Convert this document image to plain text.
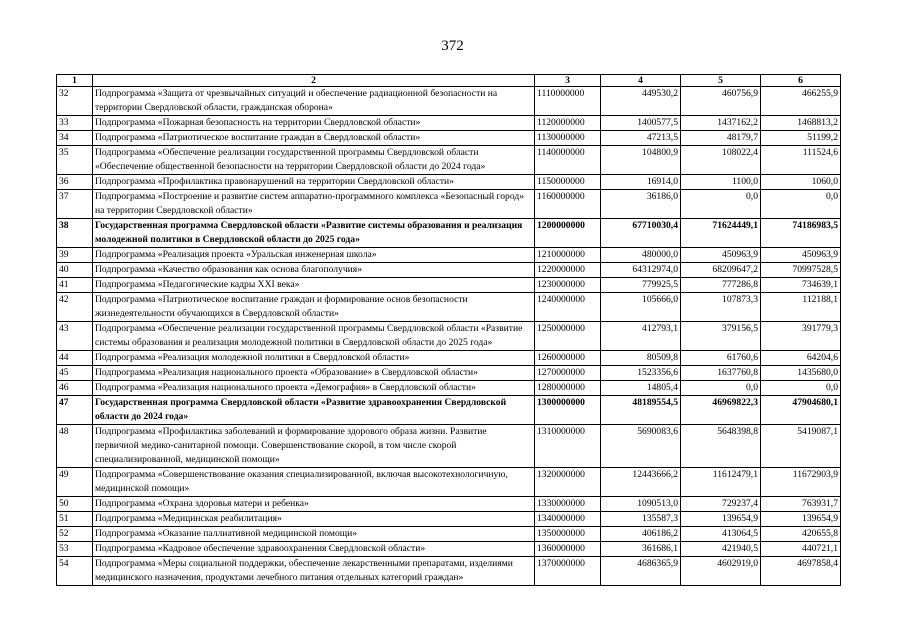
372
1	2	3	4	5	6
32	Подпрограмма «Защита от чрезвычайных ситуаций и обеспечение радиационной безопасности на территории Свердловской области, гражданская оборона»	1110000000	449530,2	460756,9	466255,9
33	Подпрограмма «Пожарная безопасность на территории Свердловской области»	1120000000	1400577,5	1437162,2	1468813,2
34	Подпрограмма «Патриотическое воспитание граждан в Свердловской области»	1130000000	47213,5	48179,7	51199,2
35	Подпрограмма «Обеспечение реализации государственной программы Свердловской области «Обеспечение общественной безопасности на территории Свердловской области до 2024 года»	1140000000	104800,9	108022,4	111524,6
36	Подпрограмма «Профилактика правонарушений на территории Свердловской области»	1150000000	16914,0	1100,0	1060,0
37	Подпрограмма «Построение и развитие систем аппаратно-программного комплекса «Безопасный город» на территории Свердловской области»	1160000000	36186,0	0,0	0,0
38	Государственная программа Свердловской области «Развитие системы образования и реализация молодежной политики в Свердловской области до 2025 года»	1200000000	67710030,4	71624449,1	74186983,5
39	Подпрограмма «Реализация проекта «Уральская инженерная школа»	1210000000	480000,0	450963,9	450963,9
40	Подпрограмма «Качество образования как основа благополучия»	1220000000	64312974,0	68209647,2	70997528,5
41	Подпрограмма «Педагогические кадры XXI века»	1230000000	779925,5	777286,8	734639,1
42	Подпрограмма «Патриотическое воспитание граждан и формирование основ безопасности жизнедеятельности обучающихся в Свердловской области»	1240000000	105666,0	107873,3	112188,1
43	Подпрограмма «Обеспечение реализации государственной программы Свердловской области «Развитие системы образования и реализация молодежной политики в Свердловской области до 2025 года»	1250000000	412793,1	379156,5	391779,3
44	Подпрограмма «Реализация молодежной политики в Свердловской области»	1260000000	80509,8	61760,6	64204,6
45	Подпрограмма «Реализация национального проекта «Образование» в Свердловской области»	1270000000	1523356,6	1637760,8	1435680,0
46	Подпрограмма «Реализация национального проекта «Демография» в Свердловской области»	1280000000	14805,4	0,0	0,0
47	Государственная программа Свердловской области «Развитие здравоохранения Свердловской области до 2024 года»	1300000000	48189554,5	46969822,3	47904680,1
48	Подпрограмма «Профилактика заболеваний и формирование здорового образа жизни. Развитие первичной медико-санитарной помощи. Совершенствование скорой, в том числе скорой специализированной, медицинской помощи»	1310000000	5690083,6	5648398,8	5419087,1
49	Подпрограмма «Совершенствование оказания специализированной, включая высокотехнологичную, медицинской помощи»	1320000000	12443666,2	11612479,1	11672903,9
50	Подпрограмма «Охрана здоровья матери и ребенка»	1330000000	1090513,0	729237,4	763931,7
51	Подпрограмма «Медицинская реабилитация»	1340000000	135587,3	139654,9	139654,9
52	Подпрограмма «Оказание паллиативной медицинской помощи»	1350000000	406186,2	413064,5	420655,8
53	Подпрограмма «Кадровое обеспечение здравоохранения Свердловской области»	1360000000	361686,1	421940,5	440721,1
54	Подпрограмма «Меры социальной поддержки, обеспечение лекарственными препаратами, изделиями медицинского назначения, продуктами лечебного питания отдельных категорий граждан»	1370000000	4686365,9	4602919,0	4697858,4
